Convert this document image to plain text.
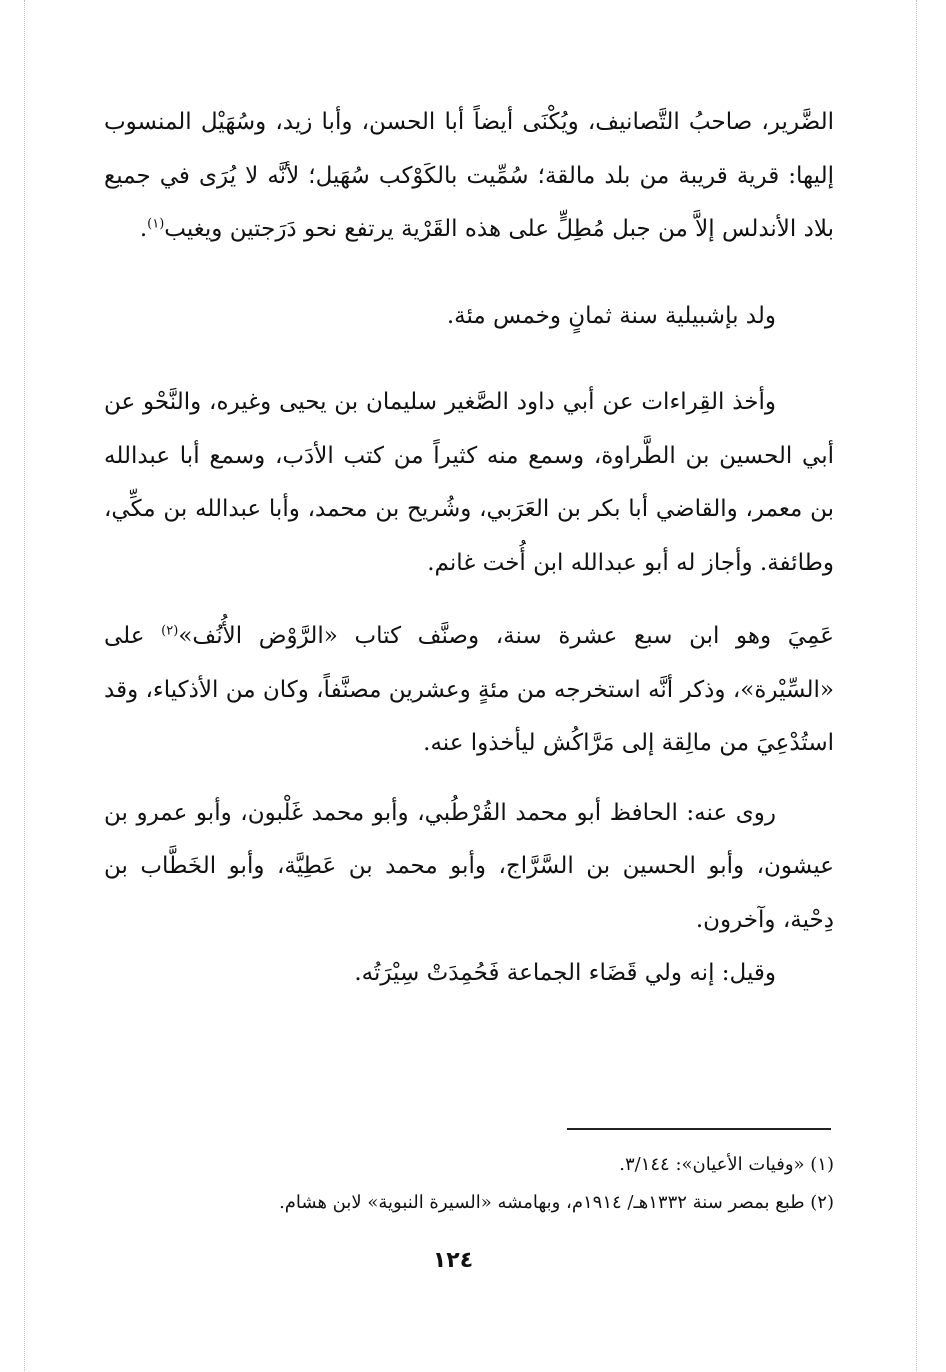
الضَّرير، صاحبُ التَّصانيف، ويُكْنَى أيضاً أبا الحسن، وأبا زيد، وسُهَيْل المنسوب إليها: قرية قريبة من بلد مالقة؛ سُمِّيت بالكَوْكب سُهَيل؛ لأنَّه لا يُرَى في جميع بلاد الأندلس إلاَّ من جبل مُطِلٍّ على هذه القَرْية يرتفع نحو دَرَجتين ويغيب$^{(١)}$.

ولد بإشبيلية سنة ثمانٍ وخمس مئة.

وأخذ القِراءات عن أبي داود الصَّغير سليمان بن يحيى وغيره، والنَّحْو عن أبي الحسين بن الطَّراوة، وسمع منه كثيراً من كتب الأدَب، وسمع أبا عبدالله بن معمر، والقاضي أبا بكر بن العَرَبي، وشُريح بن محمد، وأبا عبدالله بن مكِّي، وطائفة. وأجاز له أبو عبدالله ابن أُخت غانم.

عَمِيَ وهو ابن سبع عشرة سنة، وصنَّف كتاب «الرَّوْض الأُنُف»$^{(٢)}$ على «السِّيْرة»، وذكر أنَّه استخرجه من مئةٍ وعشرين مصنَّفاً، وكان من الأذكياء، وقد استُدْعِيَ من مالِقة إلى مَرَّاكُش ليأخذوا عنه.

روى عنه: الحافظ أبو محمد القُرْطُبي، وأبو محمد غَلْبون، وأبو عمرو بن عيشون، وأبو الحسين بن السَّرَّاج، وأبو محمد بن عَطِيَّة، وأبو الخَطَّاب بن دِحْية، وآخرون.

وقيل: إنه ولي قَضَاء الجماعة فَحُمِدَتْ سِيْرَتُه.

(١) «وفيات الأعيان»: ٣/١٤٤.

(٢) طبع بمصر سنة ١٣٣٢هـ/ ١٩١٤م، وبهامشه «السيرة النبوية» لابن هشام.

١٢٤
